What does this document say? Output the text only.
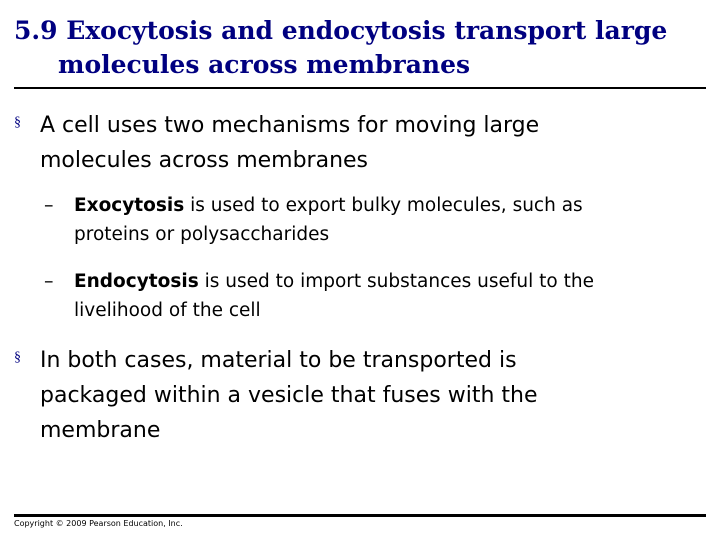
5.9 Exocytosis and endocytosis transport large
molecules across membranes
§ A cell uses two mechanisms for moving large
molecules across membranes
– Exocytosis is used to export bulky molecules, such as
proteins or polysaccharides
– Endocytosis is used to import substances useful to the
livelihood of the cell
§ In both cases, material to be transported is
packaged within a vesicle that fuses with the
membrane
Copyright © 2009 Pearson Education, Inc.
